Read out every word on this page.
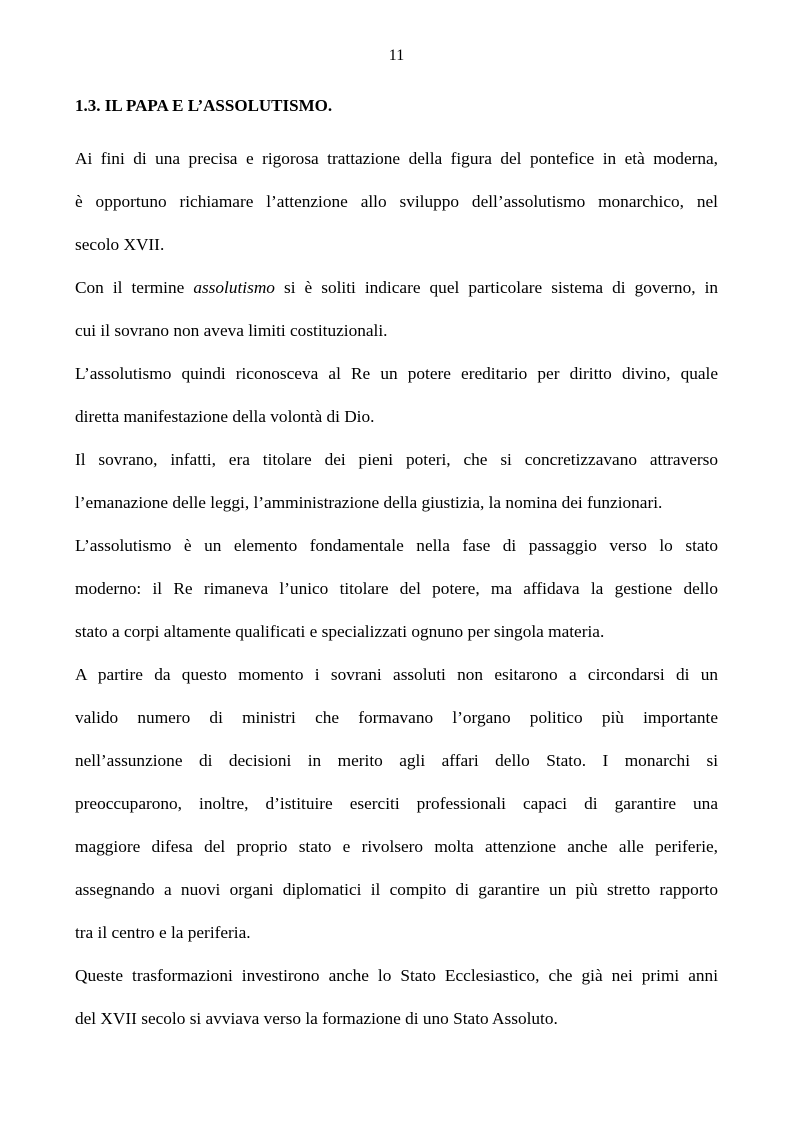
11
1.3. IL PAPA E L’ASSOLUTISMO.
Ai fini di una precisa e rigorosa trattazione della figura del pontefice in età moderna,
è opportuno richiamare l’attenzione allo sviluppo dell’assolutismo monarchico, nel
secolo XVII.
Con il termine assolutismo si è soliti indicare quel particolare sistema di governo, in
cui il sovrano non aveva limiti costituzionali.
L’assolutismo quindi riconosceva al Re un potere ereditario per diritto divino, quale
diretta manifestazione della volontà di Dio.
Il sovrano, infatti, era titolare dei pieni poteri, che si concretizzavano attraverso
l’emanazione delle leggi, l’amministrazione della giustizia, la nomina dei funzionari.
L’assolutismo è un elemento fondamentale nella fase di passaggio verso lo stato
moderno: il Re rimaneva l’unico titolare del potere, ma affidava la gestione dello
stato a corpi altamente qualificati e specializzati ognuno per singola materia.
A partire da questo momento i sovrani assoluti non esitarono a circondarsi di un
valido numero di ministri che formavano l’organo politico più importante
nell’assunzione di decisioni in merito agli affari dello Stato. I monarchi si
preoccuparono, inoltre, d’istituire eserciti professionali capaci di garantire una
maggiore difesa del proprio stato e rivolsero molta attenzione anche alle periferie,
assegnando a nuovi organi diplomatici il compito di garantire un più stretto rapporto
tra il centro e la periferia.
Queste trasformazioni investirono anche lo Stato Ecclesiastico, che già nei primi anni
del XVII secolo si avviava verso la formazione di uno Stato Assoluto.
